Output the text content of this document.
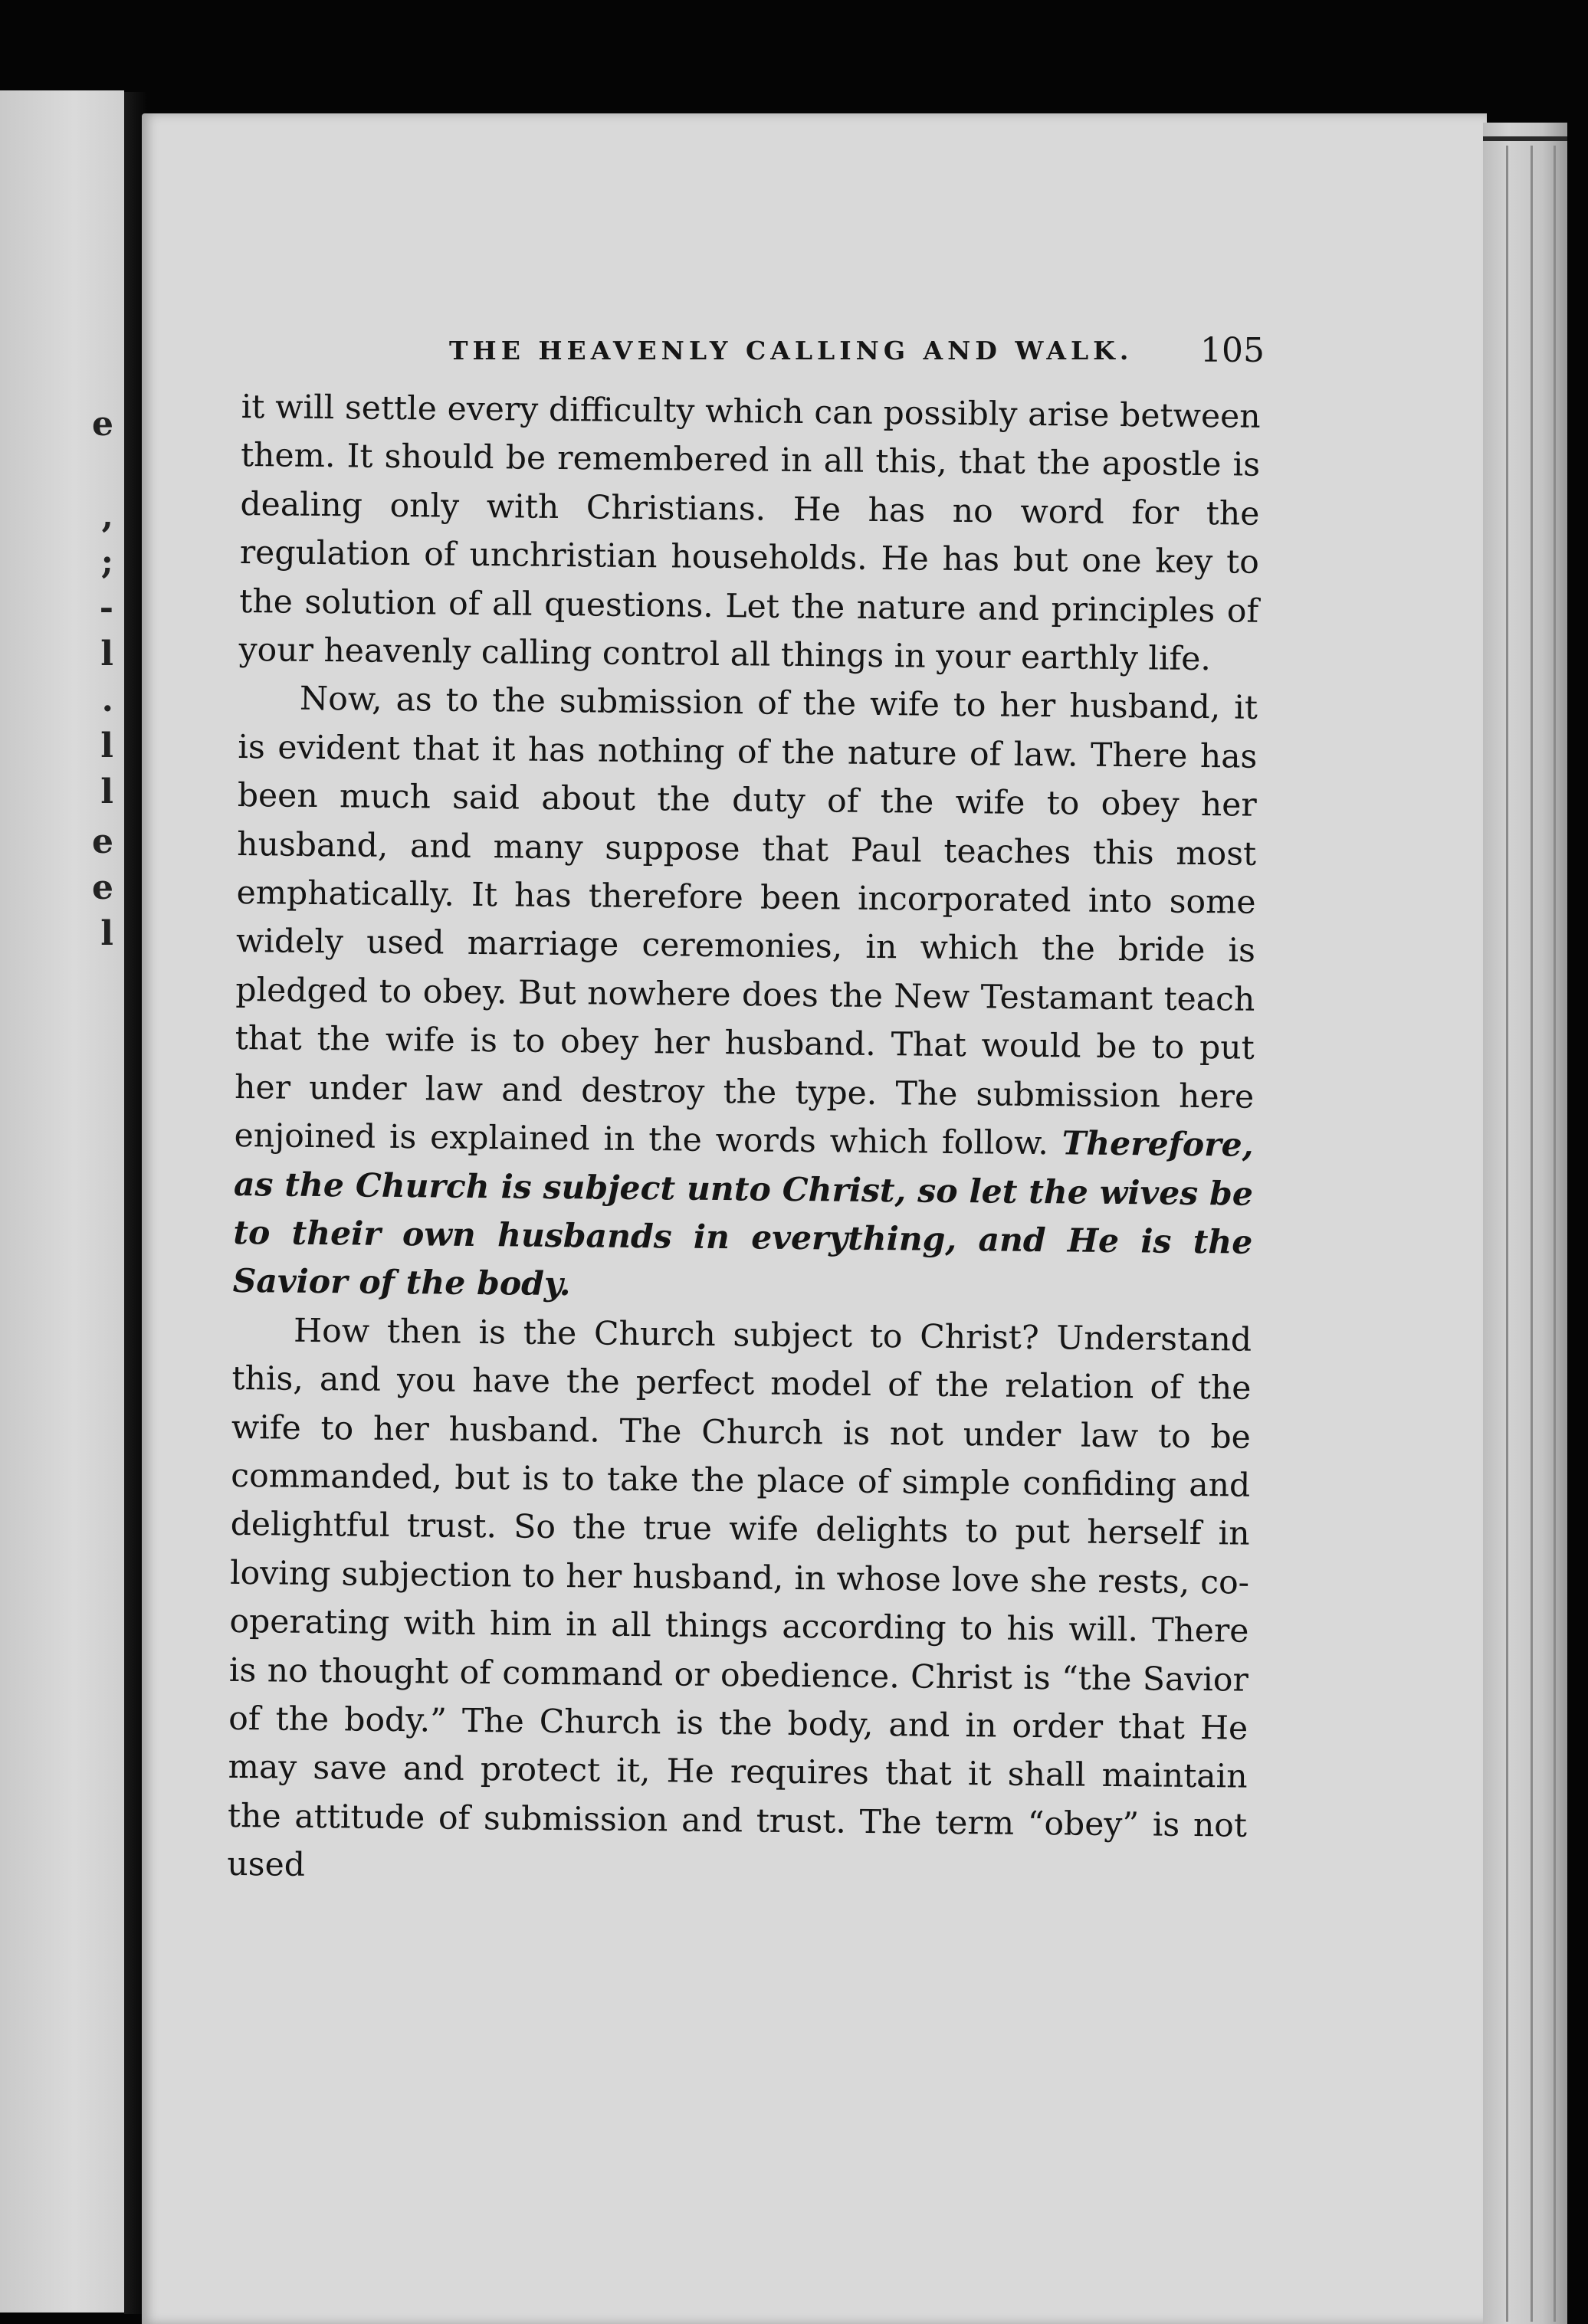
e
,
;
-
l
.
l
l
e
e
l
THE HEAVENLY CALLING AND WALK. 105

it will settle every difficulty which can possibly arise between them. It should be remembered in all this, that the apostle is dealing only with Christians. He has no word for the regulation of unchristian households. He has but one key to the solution of all questions. Let the nature and principles of your heavenly calling control all things in your earthly life.

Now, as to the submission of the wife to her husband, it is evident that it has nothing of the nature of law. There has been much said about the duty of the wife to obey her husband, and many suppose that Paul teaches this most emphatically. It has therefore been incorporated into some widely used marriage ceremonies, in which the bride is pledged to obey. But nowhere does the New Testamant teach that the wife is to obey her husband. That would be to put her under law and destroy the type. The submission here enjoined is explained in the words which follow. Therefore, as the Church is subject unto Christ, so let the wives be to their own husbands in everything, and He is the Savior of the body.

How then is the Church subject to Christ? Understand this, and you have the perfect model of the relation of the wife to her husband. The Church is not under law to be commanded, but is to take the place of simple confiding and delightful trust. So the true wife delights to put herself in loving subjection to her husband, in whose love she rests, co-operating with him in all things according to his will. There is no thought of command or obedience. Christ is “the Savior of the body.” The Church is the body, and in order that He may save and protect it, He requires that it shall maintain the attitude of submission and trust. The term “obey” is not used
